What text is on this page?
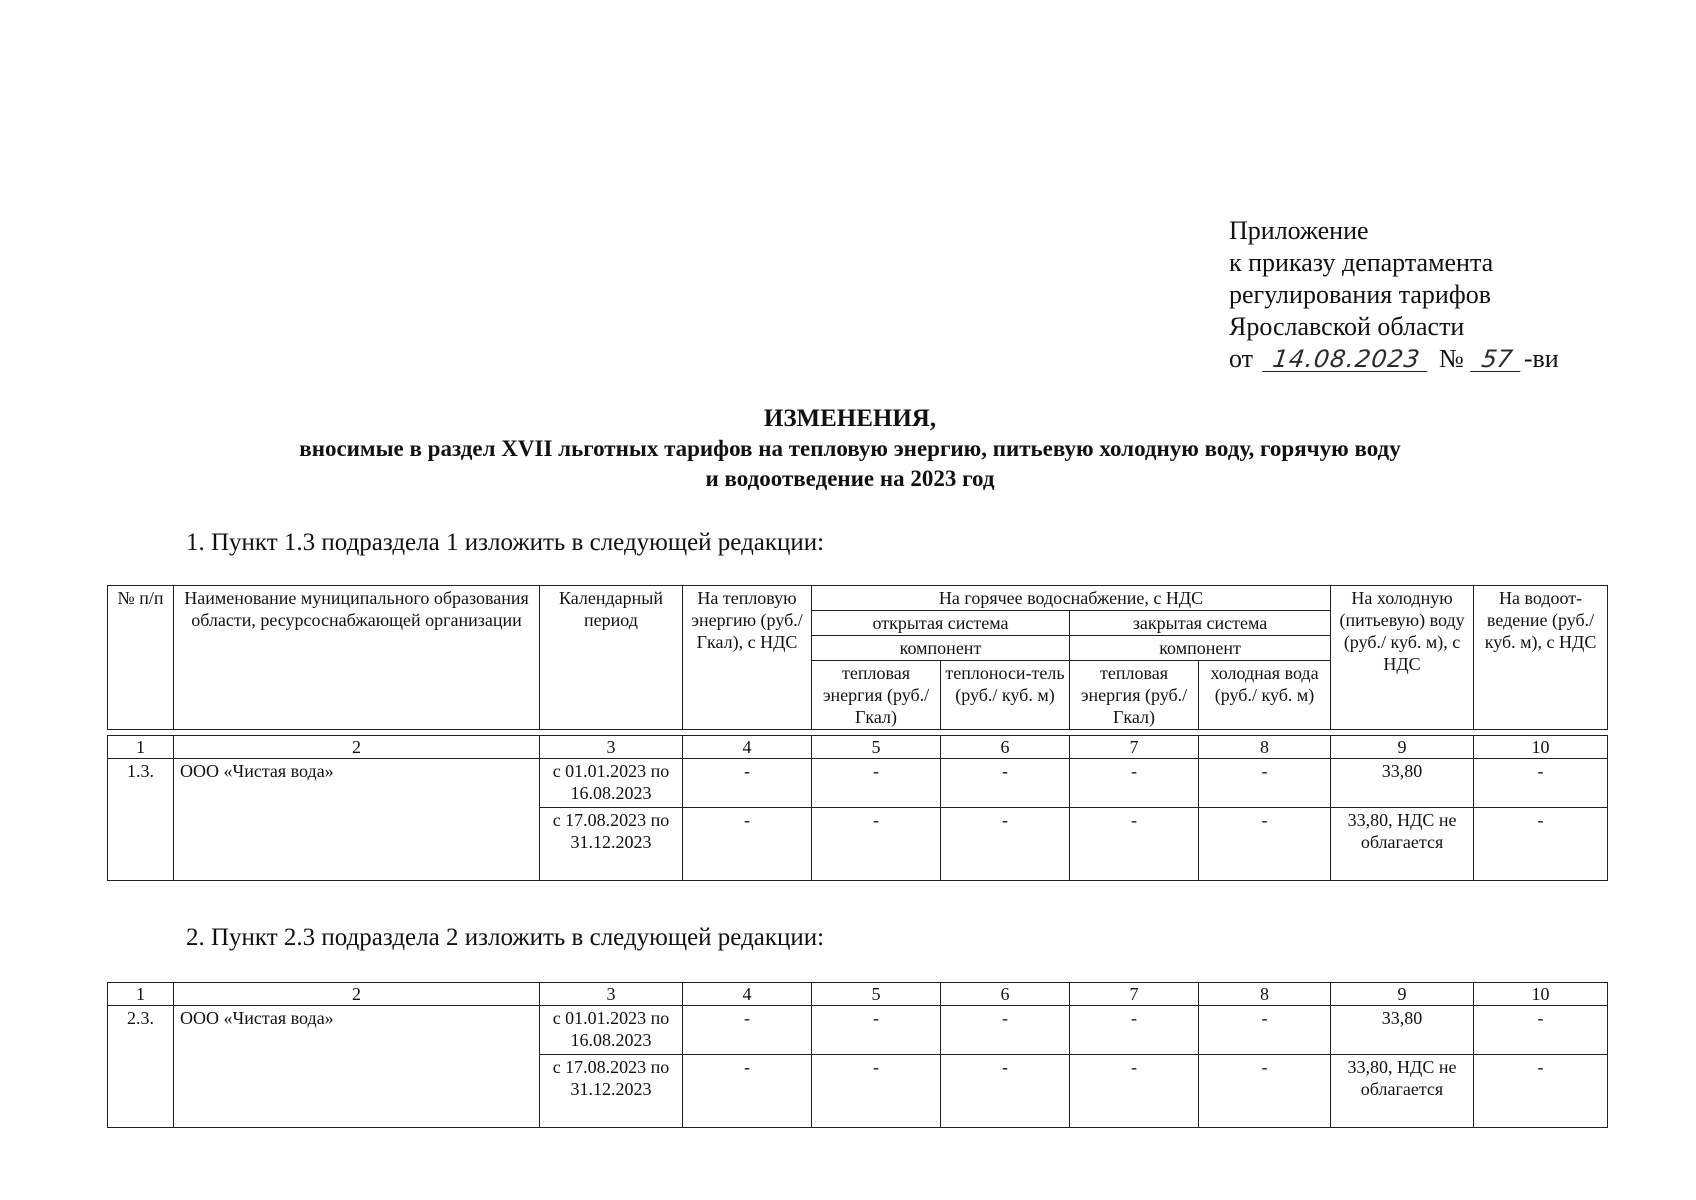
Приложение
к приказу департамента
регулирования тарифов
Ярославской области
от 14.08.2023 № 57 -ви
ИЗМЕНЕНИЯ,
вносимые в раздел XVII льготных тарифов на тепловую энергию, питьевую холодную воду, горячую воду
и водоотведение на 2023 год
1. Пункт 1.3 подраздела 1 изложить в следующей редакции:
№ п/п	Наименование муниципального образования области, ресурсоснабжающей организации	Календарный период	На тепловую энергию (руб./Гкал), с НДС	На горячее водоснабжение, с НДС				На холодную (питьевую) воду (руб./ куб. м), с НДС	На водоот-ведение (руб./ куб. м), с НДС
				открытая система		закрытая система			
				компонент		компонент			
				тепловая энергия (руб./Гкал)	теплоноси-тель (руб./ куб. м)	тепловая энергия (руб./Гкал)	холодная вода (руб./ куб. м)		

1	2	3	4	5	6	7	8	9	10
1.3.	ООО «Чистая вода»	с 01.01.2023 по 16.08.2023	-	-	-	-	-	33,80	-
		с 17.08.2023 по 31.12.2023	-	-	-	-	-	33,80, НДС не облагается	-
2. Пункт 2.3 подраздела 2 изложить в следующей редакции:
1	2	3	4	5	6	7	8	9	10
2.3.	ООО «Чистая вода»	с 01.01.2023 по 16.08.2023	-	-	-	-	-	33,80	-
		с 17.08.2023 по 31.12.2023	-	-	-	-	-	33,80, НДС не облагается	-
